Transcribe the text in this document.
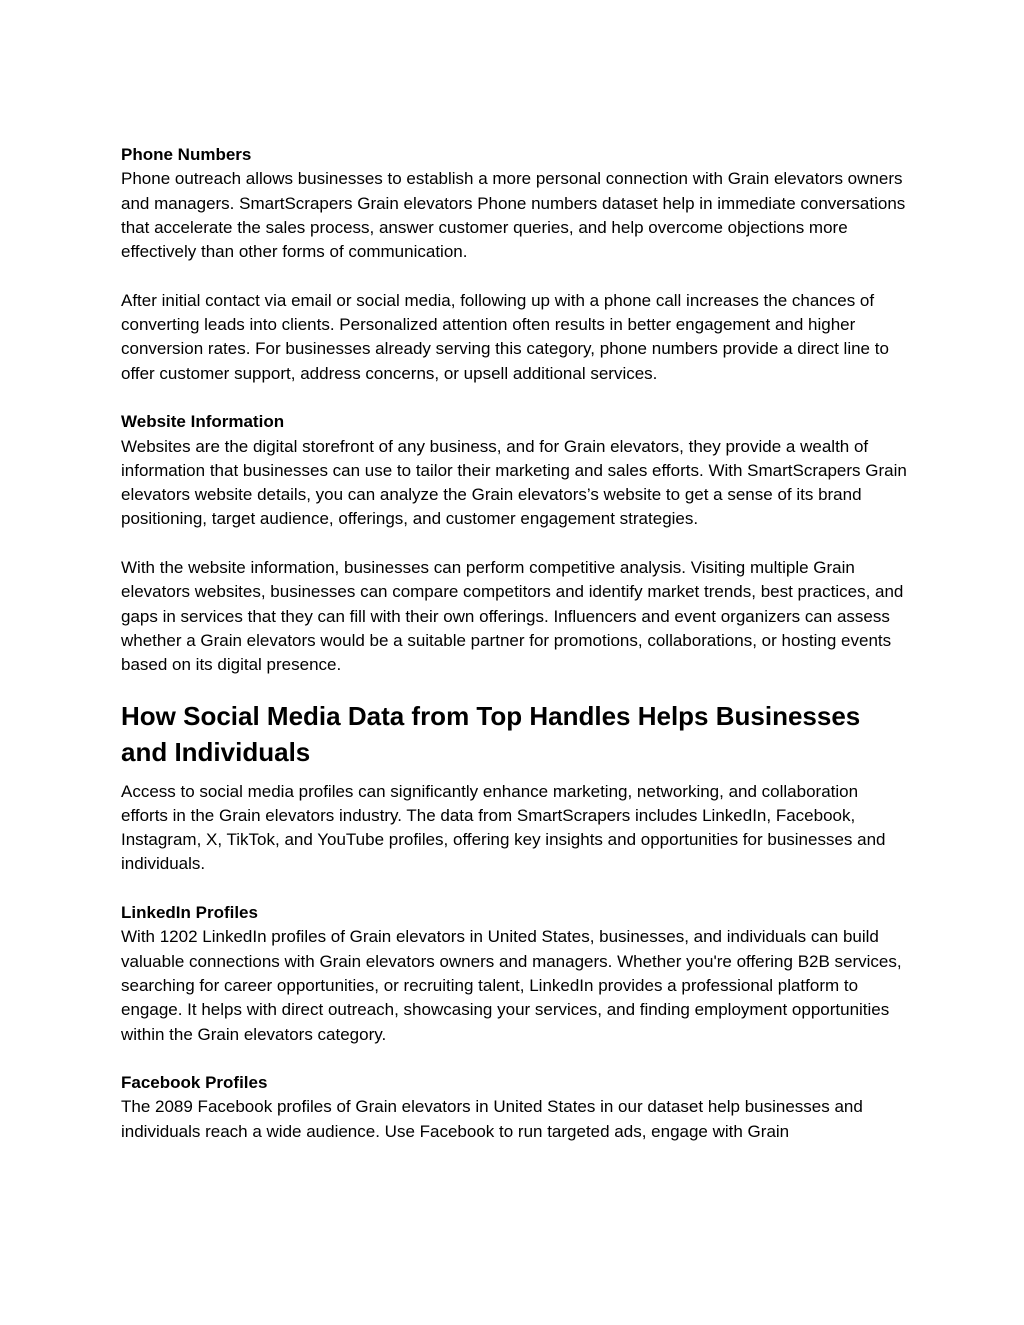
Phone Numbers
Phone outreach allows businesses to establish a more personal connection with Grain elevators owners and managers. SmartScrapers Grain elevators Phone numbers dataset help in immediate conversations that accelerate the sales process, answer customer queries, and help overcome objections more effectively than other forms of communication.
After initial contact via email or social media, following up with a phone call increases the chances of converting leads into clients. Personalized attention often results in better engagement and higher conversion rates. For businesses already serving this category, phone numbers provide a direct line to offer customer support, address concerns, or upsell additional services.
Website Information
Websites are the digital storefront of any business, and for Grain elevators, they provide a wealth of information that businesses can use to tailor their marketing and sales efforts. With SmartScrapers Grain elevators website details, you can analyze the Grain elevators’s website to get a sense of its brand positioning, target audience, offerings, and customer engagement strategies.
With the website information, businesses can perform competitive analysis. Visiting multiple Grain elevators websites, businesses can compare competitors and identify market trends, best practices, and gaps in services that they can fill with their own offerings. Influencers and event organizers can assess whether a Grain elevators would be a suitable partner for promotions, collaborations, or hosting events based on its digital presence.
How Social Media Data from Top Handles Helps Businesses and Individuals
Access to social media profiles can significantly enhance marketing, networking, and collaboration efforts in the Grain elevators industry. The data from SmartScrapers includes LinkedIn, Facebook, Instagram, X, TikTok, and YouTube profiles, offering key insights and opportunities for businesses and individuals.
LinkedIn Profiles
With 1202 LinkedIn profiles of Grain elevators in United States, businesses, and individuals can build valuable connections with Grain elevators owners and managers. Whether you're offering B2B services, searching for career opportunities, or recruiting talent, LinkedIn provides a professional platform to engage. It helps with direct outreach, showcasing your services, and finding employment opportunities within the Grain elevators category.
Facebook Profiles
The 2089 Facebook profiles of Grain elevators in United States in our dataset help businesses and individuals reach a wide audience. Use Facebook to run targeted ads, engage with Grain
